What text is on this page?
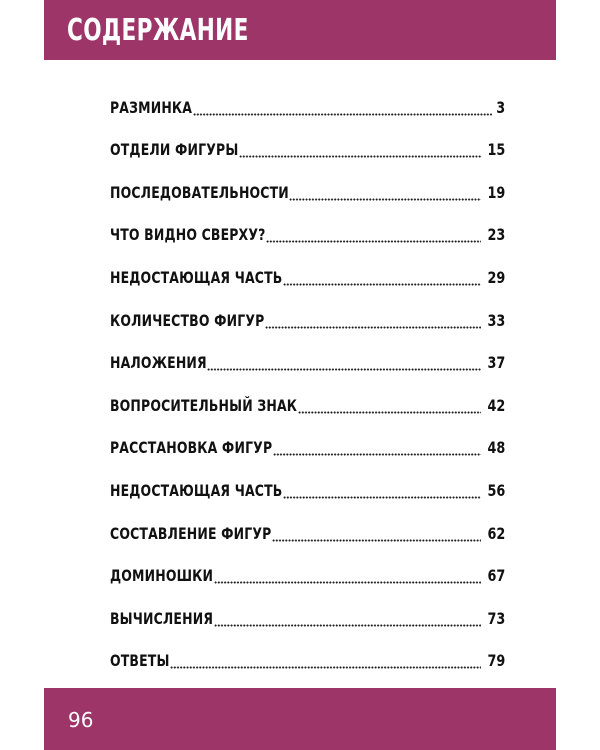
СОДЕРЖАНИЕ
РАЗМИНКА	3
ОТДЕЛИ ФИГУРЫ	15
ПОСЛЕДОВАТЕЛЬНОСТИ	19
ЧТО ВИДНО СВЕРХУ?	23
НЕДОСТАЮЩАЯ ЧАСТЬ	29
КОЛИЧЕСТВО ФИГУР	33
НАЛОЖЕНИЯ	37
ВОПРОСИТЕЛЬНЫЙ ЗНАК	42
РАССТАНОВКА ФИГУР	48
НЕДОСТАЮЩАЯ ЧАСТЬ	56
СОСТАВЛЕНИЕ ФИГУР	62
ДОМИНОШКИ	67
ВЫЧИСЛЕНИЯ	73
ОТВЕТЫ	79
96
